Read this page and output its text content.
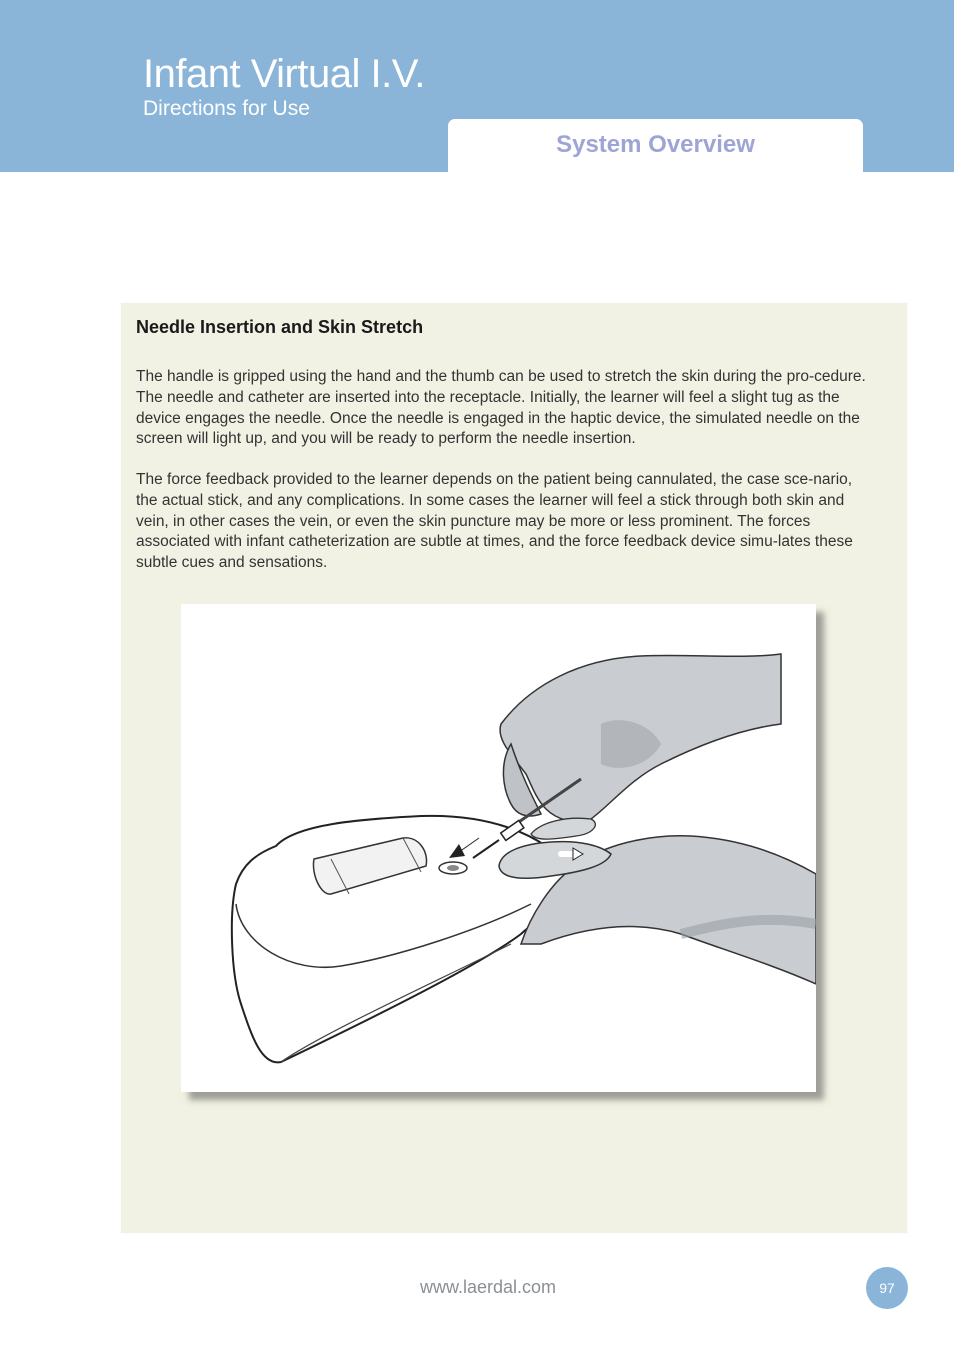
Infant Virtual I.V.
Directions for Use
System Overview
Needle Insertion and Skin Stretch

The handle is gripped using the hand and the thumb can be used to stretch the skin during the pro-cedure. The needle and catheter are inserted into the receptacle. Initially, the learner will feel a slight tug as the device engages the needle. Once the needle is engaged in the haptic device, the simulated needle on the screen will light up, and you will be ready to perform the needle insertion.

The force feedback provided to the learner depends on the patient being cannulated, the case sce-nario, the actual stick, and any complications. In some cases the learner will feel a stick through both skin and vein, in other cases the vein, or even the skin puncture may be more or less prominent. The forces associated with infant catheterization are subtle at times, and the force feedback device simu-lates these subtle cues and sensations.

www.laerdal.com	97
